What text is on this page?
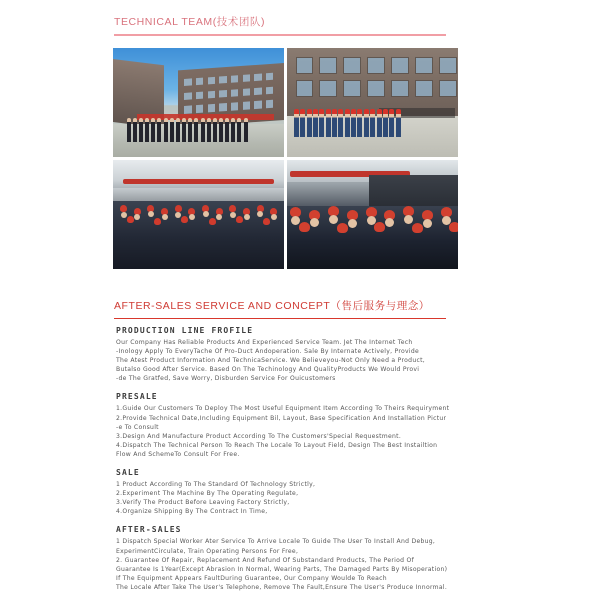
TECHNICAL TEAM(技术团队)
AFTER-SALES SERVICE AND CONCEPT（售后服务与理念）
PRODUCTION LINE FROFILE

Our Company Has Reliable Products And Experienced Service Team. Jet The Internet Tech

-Inology Apply To EveryTache Of Pro-Duct Andoperation. Sale By Internate Actively, Provide

The Atest Product Information And TechnicaService. We Believeyou-Not Only Need a Product,

Butalso Good After Service. Based On The Techinology And QualityProducts We Would Provi

-de The Gratfed, Save Worry, Disburden Service For Ouicustomers

PRESALE

1.Guide Our Customers To Deploy The Most Useful Equipment Item According To Theirs Requiryment

2.Provide Technical Date,Including Equipment Bil, Layout, Base Specification And Installation Pictur

-e To Consult

3.Design And Manufacture Product According To The Customers'Special Requestment.

4.Dispatch The Technical Person To Reach The Locale To Layout Field, Design The Best Instailtion

Flow And SchemeTo Consult For Free.

SALE

1 Product According To The Standard Of Technology Strictly,

2.Experiment The Machine By The Operating Regulate,

3.Verify The Product Before Leaving Factory Strictly,

4.Organize Shipping By The Contract In Time,

AFTER-SALES

1 Dispatch Special Worker Ater Service To Arrive Locale To Guide The User To Install And Debug,

ExperimentCirculate, Train Operating Persons For Free,

2. Guarantee Of Repair, Replacement And Refund Of Substandard Products, The Period Of

Guarantee Is 1Year(Except Abrasion In Normal, Wearing Parts, The Damaged Parts By Misoperation)

If The Equipment Appears FaultDuring Guarantee, Our Company Woulde To Reach

The Locale After Take The User's Telephone, Remove The Fault,Ensure The User's Produce Innormal.
